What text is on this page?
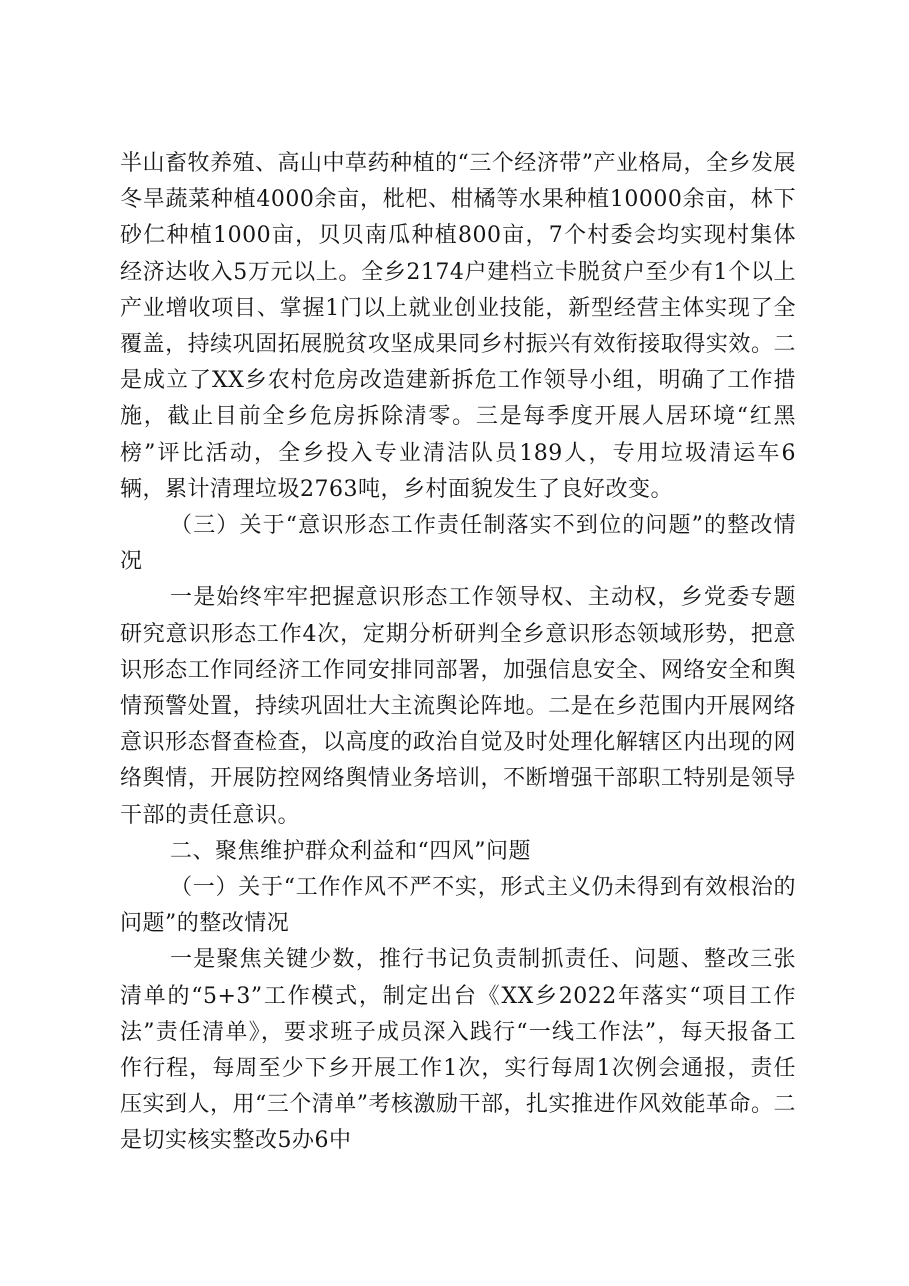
半山畜牧养殖、高山中草药种植的“三个经济带”产业格局，全乡发展冬旱蔬菜种植4000余亩，枇杷、柑橘等水果种植10000余亩，林下砂仁种植1000亩，贝贝南瓜种植800亩，7个村委会均实现村集体经济达收入5万元以上。全乡2174户建档立卡脱贫户至少有1个以上产业增收项目、掌握1门以上就业创业技能，新型经营主体实现了全覆盖，持续巩固拓展脱贫攻坚成果同乡村振兴有效衔接取得实效。二是成立了XX乡农村危房改造建新拆危工作领导小组，明确了工作措施，截止目前全乡危房拆除清零。三是每季度开展人居环境“红黑榜”评比活动，全乡投入专业清洁队员189人，专用垃圾清运车6辆，累计清理垃圾2763吨，乡村面貌发生了良好改变。

（三）关于“意识形态工作责任制落实不到位的问题”的整改情况

一是始终牢牢把握意识形态工作领导权、主动权，乡党委专题研究意识形态工作4次，定期分析研判全乡意识形态领域形势，把意识形态工作同经济工作同安排同部署，加强信息安全、网络安全和舆情预警处置，持续巩固壮大主流舆论阵地。二是在乡范围内开展网络意识形态督查检查，以高度的政治自觉及时处理化解辖区内出现的网络舆情，开展防控网络舆情业务培训，不断增强干部职工特别是领导干部的责任意识。

二、聚焦维护群众利益和“四风”问题

（一）关于“工作作风不严不实，形式主义仍未得到有效根治的问题”的整改情况

一是聚焦关键少数，推行书记负责制抓责任、问题、整改三张清单的“5+3”工作模式，制定出台《XX乡2022年落实“项目工作法”责任清单》，要求班子成员深入践行“一线工作法”，每天报备工作行程，每周至少下乡开展工作1次，实行每周1次例会通报，责任压实到人，用“三个清单”考核激励干部，扎实推进作风效能革命。二是切实核实整改5办6中
